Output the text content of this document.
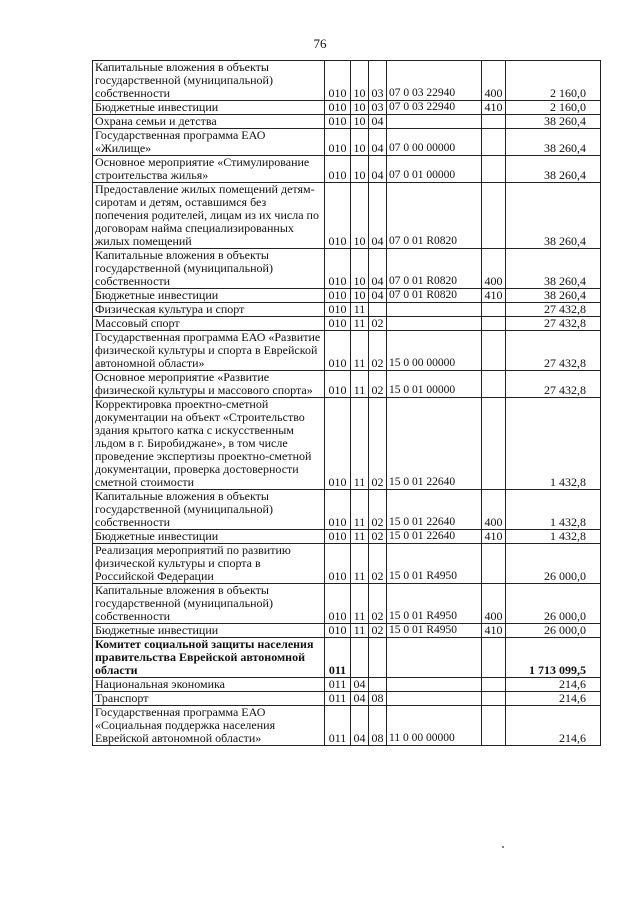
76
Капитальные вложения в объекты государственной (муниципальной) собственности	010	10	03	07 0 03 22940	400	2 160,0
Бюджетные инвестиции	010	10	03	07 0 03 22940	410	2 160,0
Охрана семьи и детства	010	10	04			38 260,4
Государственная программа ЕАО «Жилище»	010	10	04	07 0 00 00000		38 260,4
Основное мероприятие «Стимулирование строительства жилья»	010	10	04	07 0 01 00000		38 260,4
Предоставление жилых помещений детям-сиротам и детям, оставшимся без попечения родителей, лицам из их числа по договорам найма специализированных жилых помещений	010	10	04	07 0 01 R0820		38 260,4
Капитальные вложения в объекты государственной (муниципальной) собственности	010	10	04	07 0 01 R0820	400	38 260,4
Бюджетные инвестиции	010	10	04	07 0 01 R0820	410	38 260,4
Физическая культура и спорт	010	11				27 432,8
Массовый спорт	010	11	02			27 432,8
Государственная программа ЕАО «Развитие физической культуры и спорта в Еврейской автономной области»	010	11	02	15 0 00 00000		27 432,8
Основное мероприятие «Развитие физической культуры и массового спорта»	010	11	02	15 0 01 00000		27 432,8
Корректировка проектно-сметной документации на объект «Строительство здания крытого катка с искусственным льдом в г. Биробиджане», в том числе проведение экспертизы проектно-сметной документации, проверка достоверности сметной стоимости	010	11	02	15 0 01 22640		1 432,8
Капитальные вложения в объекты государственной (муниципальной) собственности	010	11	02	15 0 01 22640	400	1 432,8
Бюджетные инвестиции	010	11	02	15 0 01 22640	410	1 432,8
Реализация мероприятий по развитию физической культуры и спорта в Российской Федерации	010	11	02	15 0 01 R4950		26 000,0
Капитальные вложения в объекты государственной (муниципальной) собственности	010	11	02	15 0 01 R4950	400	26 000,0
Бюджетные инвестиции	010	11	02	15 0 01 R4950	410	26 000,0
Комитет социальной защиты населения правительства Еврейской автономной области	011					1 713 099,5
Национальная экономика	011	04				214,6
Транспорт	011	04	08			214,6
Государственная программа ЕАО «Социальная поддержка населения Еврейской автономной области»	011	04	08	11 0 00 00000		214,6
